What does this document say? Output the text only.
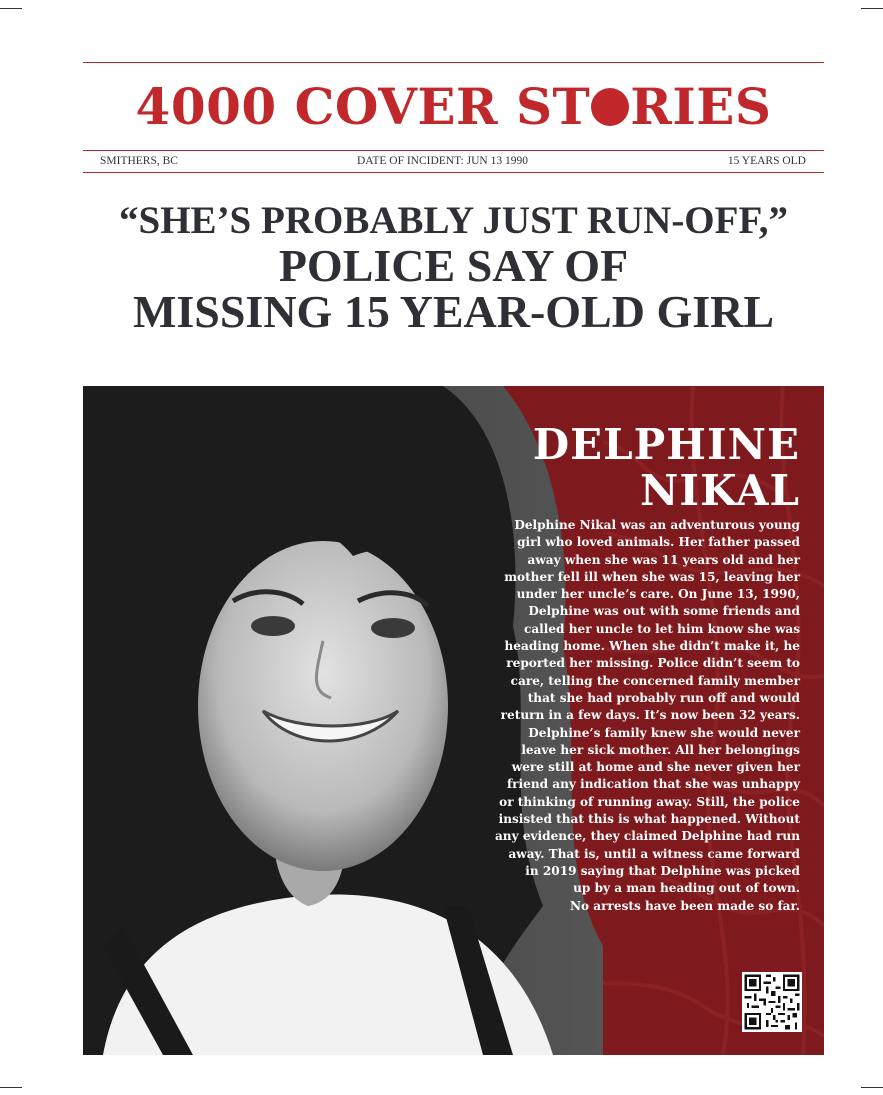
4000 COVER ST RIES
SMITHERS, BC	DATE OF INCIDENT: JUN 13 1990	15 YEARS OLD
“SHE’S PROBABLY JUST RUN-OFF,”
POLICE SAY OF
MISSING 15 YEAR-OLD GIRL
DELPHINE
NIKAL
Delphine Nikal was an adventurous young
girl who loved animals. Her father passed
away when she was 11 years old and her
mother fell ill when she was 15, leaving her
under her uncle’s care. On June 13, 1990,
Delphine was out with some friends and
called her uncle to let him know she was
heading home. When she didn’t make it, he
reported her missing. Police didn’t seem to
care, telling the concerned family member
that she had probably run off and would
return in a few days. It’s now been 32 years.
Delphine’s family knew she would never
leave her sick mother. All her belongings
were still at home and she never given her
friend any indication that she was unhappy
or thinking of running away. Still, the police
insisted that this is what happened. Without
any evidence, they claimed Delphine had run
away. That is, until a witness came forward
in 2019 saying that Delphine was picked
up by a man heading out of town.
No arrests have been made so far.
